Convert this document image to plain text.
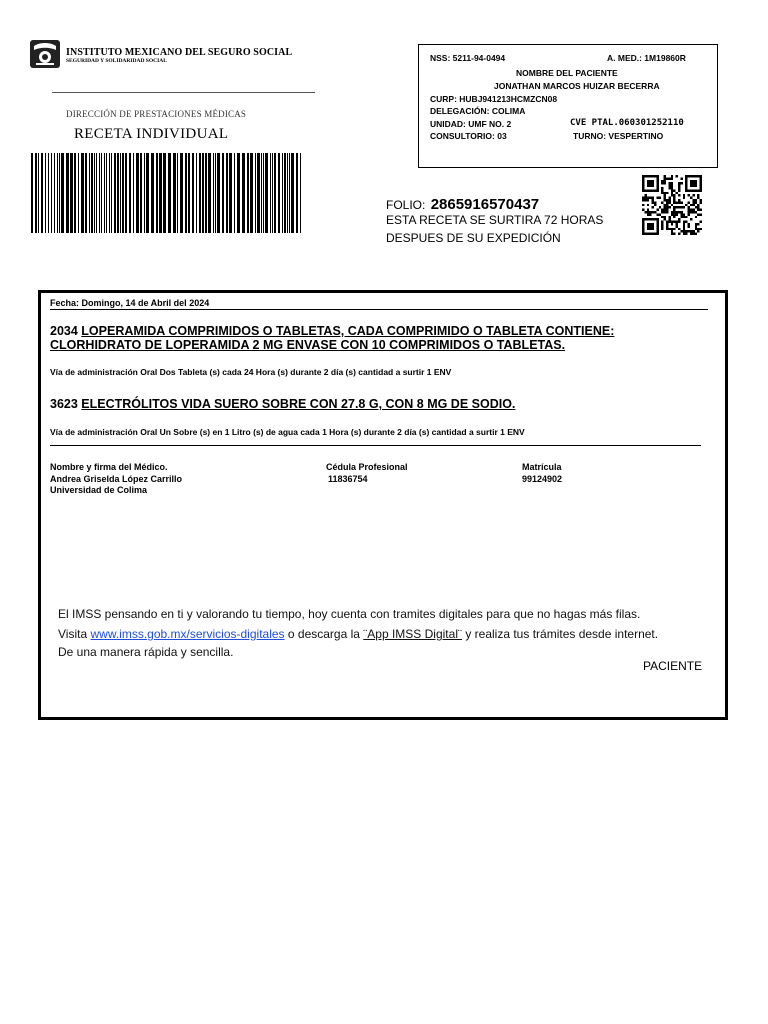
INSTITUTO MEXICANO DEL SEGURO SOCIAL
SEGURIDAD Y SOLIDARIDAD SOCIAL
DIRECCIÓN DE PRESTACIONES MÉDICAS
RECETA INDIVIDUAL
NSS: 5211-94-0494	A. MED.: 1M19860R
NOMBRE DEL PACIENTE
JONATHAN MARCOS HUIZAR BECERRA
CURP: HUBJ941213HCMZCN08
DELEGACIÓN: COLIMA
UNIDAD: UMF NO. 2	CVE PTAL.060301252110
CONSULTORIO: 03	TURNO: VESPERTINO
FOLIO: 2865916570437
ESTA RECETA SE SURTIRA 72 HORAS
DESPUES DE SU EXPEDICIÓN
Fecha: Domingo, 14 de Abril del 2024
2034 LOPERAMIDA COMPRIMIDOS O TABLETAS, CADA COMPRIMIDO O TABLETA CONTIENE:
CLORHIDRATO DE LOPERAMIDA 2 MG ENVASE CON 10 COMPRIMIDOS O TABLETAS.
Vía de administración Oral Dos Tableta (s) cada 24 Hora (s) durante 2 día (s) cantidad a surtir 1 ENV
3623 ELECTRÓLITOS VIDA SUERO SOBRE CON 27.8 G, CON 8 MG DE SODIO.
Vía de administración Oral Un Sobre (s) en 1 Litro (s) de agua cada 1 Hora (s) durante 2 día (s) cantidad a surtir 1 ENV
Nombre y firma del Médico.
Andrea Griselda López Carrillo
Universidad de Colima
Cédula Profesional
11836754
Matrícula
99124902
El IMSS pensando en ti y valorando tu tiempo, hoy cuenta con tramites digitales para que no hagas más filas.
Visita www.imss.gob.mx/servicios-digitales o descarga la ¨App IMSS Digital¨ y realiza tus trámites desde internet.
De una manera rápida y sencilla.
PACIENTE
